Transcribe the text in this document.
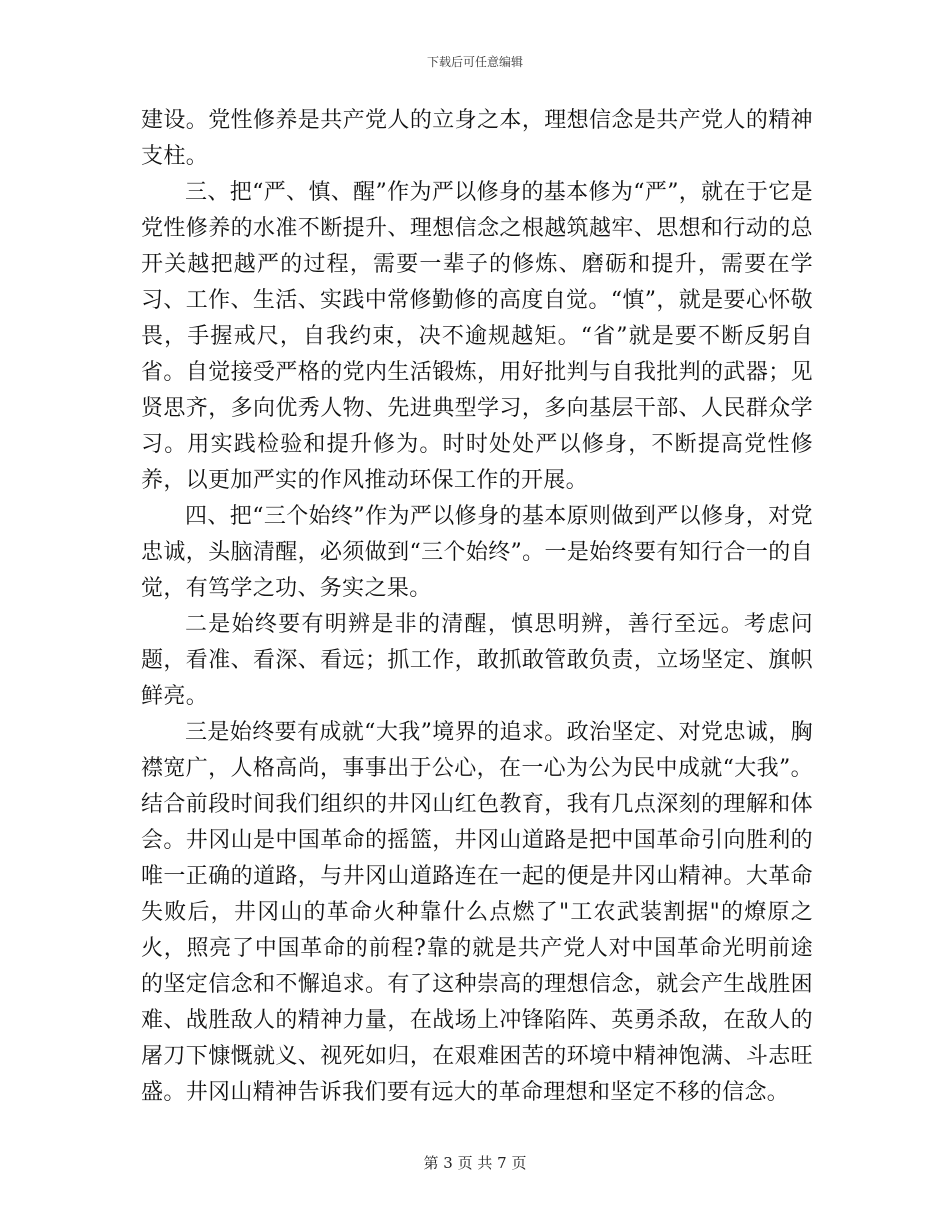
下载后可任意编辑

建设。党性修养是共产党人的立身之本，理想信念是共产党人的精神支柱。

三、把“严、慎、醒”作为严以修身的基本修为“严”，就在于它是党性修养的水准不断提升、理想信念之根越筑越牢、思想和行动的总开关越把越严的过程，需要一辈子的修炼、磨砺和提升，需要在学习、工作、生活、实践中常修勤修的高度自觉。“慎”，就是要心怀敬畏，手握戒尺，自我约束，决不逾规越矩。“省”就是要不断反躬自省。自觉接受严格的党内生活锻炼，用好批判与自我批判的武器；见贤思齐，多向优秀人物、先进典型学习，多向基层干部、人民群众学习。用实践检验和提升修为。时时处处严以修身，不断提高党性修养，以更加严实的作风推动环保工作的开展。

四、把“三个始终”作为严以修身的基本原则做到严以修身，对党忠诚，头脑清醒，必须做到“三个始终”。一是始终要有知行合一的自觉，有笃学之功、务实之果。

二是始终要有明辨是非的清醒，慎思明辨，善行至远。考虑问题，看准、看深、看远；抓工作，敢抓敢管敢负责，立场坚定、旗帜鲜亮。

三是始终要有成就“大我”境界的追求。政治坚定、对党忠诚，胸襟宽广，人格高尚，事事出于公心，在一心为公为民中成就“大我”。结合前段时间我们组织的井冈山红色教育，我有几点深刻的理解和体会。井冈山是中国革命的摇篮，井冈山道路是把中国革命引向胜利的唯一正确的道路，与井冈山道路连在一起的便是井冈山精神。大革命失败后，井冈山的革命火种靠什么点燃了"工农武装割据"的燎原之火，照亮了中国革命的前程?靠的就是共产党人对中国革命光明前途的坚定信念和不懈追求。有了这种崇高的理想信念，就会产生战胜困难、战胜敌人的精神力量，在战场上冲锋陷阵、英勇杀敌，在敌人的屠刀下慷慨就义、视死如归，在艰难困苦的环境中精神饱满、斗志旺盛。井冈山精神告诉我们要有远大的革命理想和坚定不移的信念。

第 3 页 共 7 页
